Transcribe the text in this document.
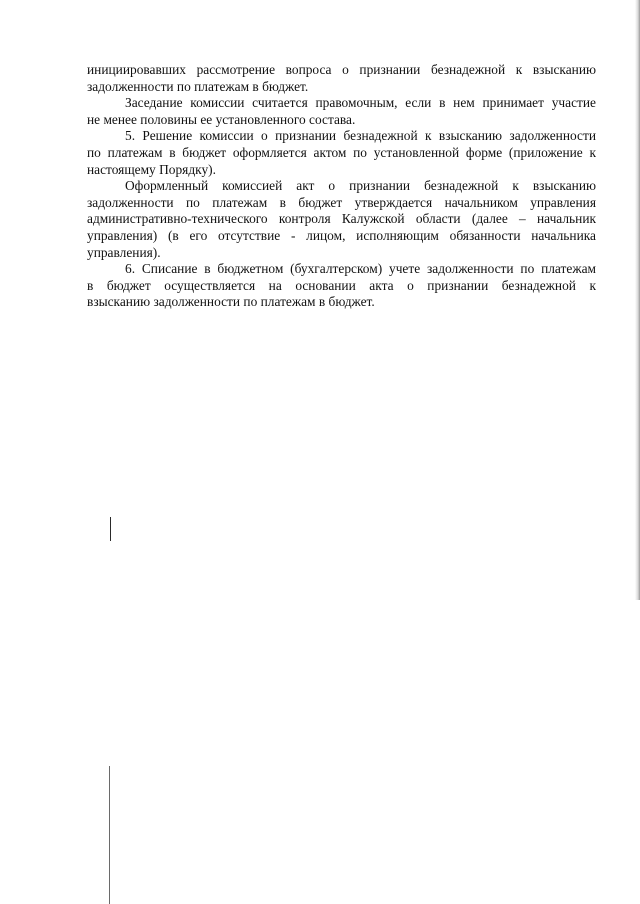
инициировавших рассмотрение вопроса о признании безнадежной к взысканию
задолженности по платежам в бюджет.
Заседание комиссии считается правомочным, если в нем принимает участие
не менее половины ее установленного состава.
5. Решение комиссии о признании безнадежной к взысканию задолженности
по платежам в бюджет оформляется актом по установленной форме (приложение к
настоящему Порядку).
Оформленный комиссией акт о признании безнадежной к взысканию
задолженности по платежам в бюджет утверждается начальником управления
административно-технического контроля Калужской области (далее – начальник
управления) (в его отсутствие - лицом, исполняющим обязанности начальника
управления).
6. Списание в бюджетном (бухгалтерском) учете задолженности по платежам
в бюджет осуществляется на основании акта о признании безнадежной к
взысканию задолженности по платежам в бюджет.
